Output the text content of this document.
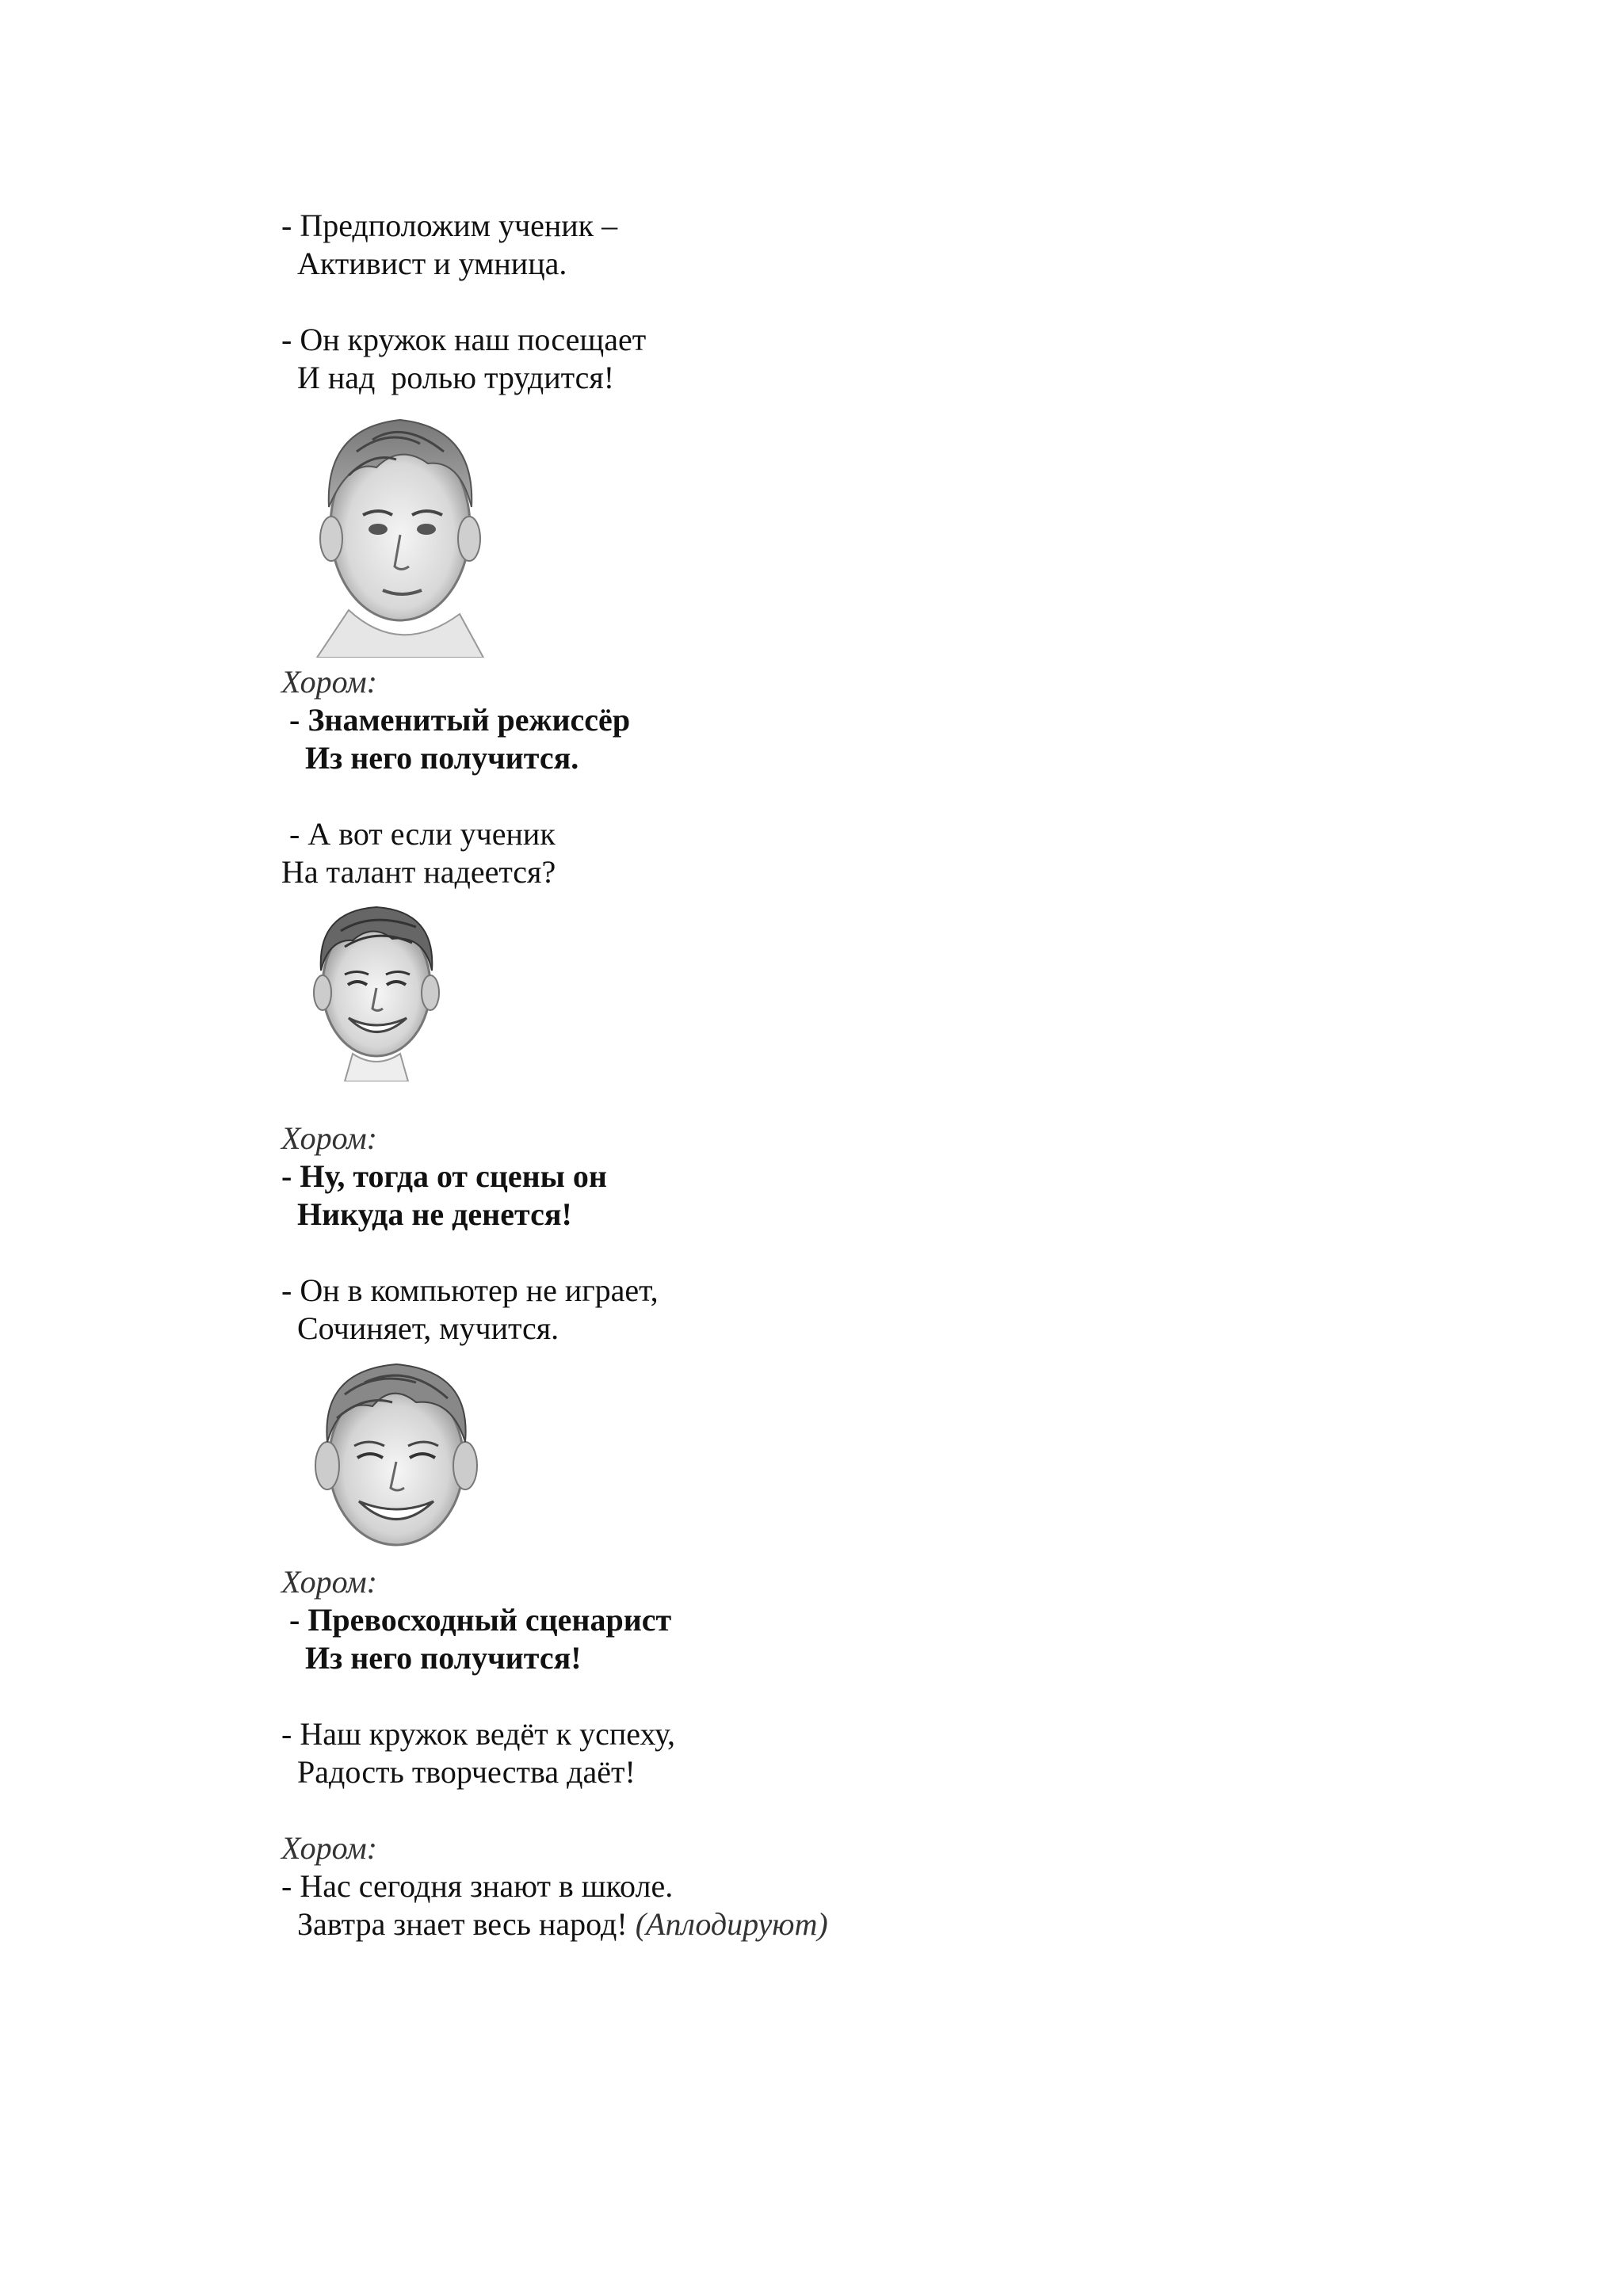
- Предположим ученик –
Активист и умница.
- Он кружок наш посещает
И над  ролью трудится!
Хором:
- Знаменитый режиссёр
Из него получится.
- А вот если ученик
На талант надеется?
Хором:
- Ну, тогда от сцены он
Никуда не денется!
- Он в компьютер не играет,
Сочиняет, мучится.
Хором:
- Превосходный сценарист
Из него получится!
- Наш кружок ведёт к успеху,
Радость творчества даёт!
Хором:
- Нас сегодня знают в школе.
Завтра знает весь народ! (Аплодируют)
